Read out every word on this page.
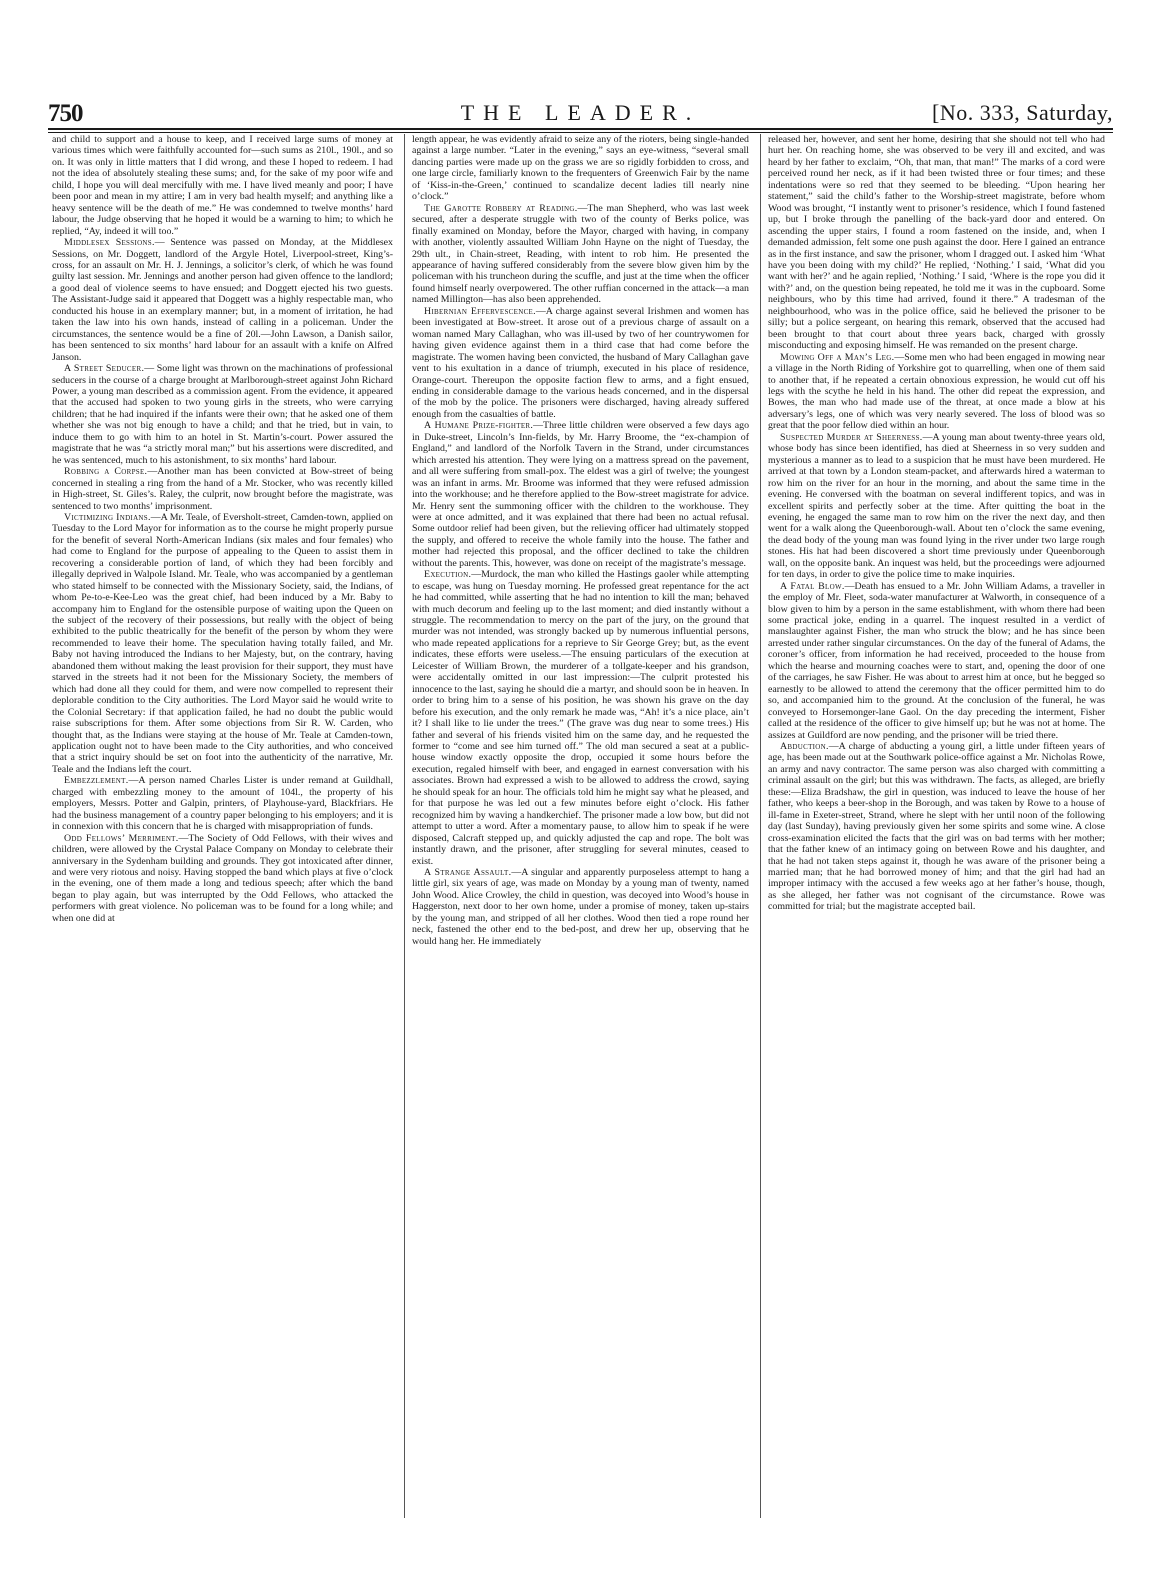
750	THE LEADER.	[No. 333, Saturday,

and child to support and a house to keep, and I received large sums of money at various times which were faithfully accounted for—such sums as 210l., 190l., and so on. It was only in little matters that I did wrong, and these I hoped to redeem. I had not the idea of absolutely stealing these sums; and, for the sake of my poor wife and child, I hope you will deal mercifully with me. I have lived meanly and poor; I have been poor and mean in my attire; I am in very bad health myself; and anything like a heavy sentence will be the death of me.” He was condemned to twelve months’ hard labour, the Judge observing that he hoped it would be a warning to him; to which he replied, “Ay, indeed it will too.”

Middlesex Sessions.— Sentence was passed on Monday, at the Middlesex Sessions, on Mr. Doggett, landlord of the Argyle Hotel, Liverpool-street, King’s-cross, for an assault on Mr. H. J. Jennings, a solicitor’s clerk, of which he was found guilty last session. Mr. Jennings and another person had given offence to the landlord; a good deal of violence seems to have ensued; and Doggett ejected his two guests. The Assistant-Judge said it appeared that Doggett was a highly respectable man, who conducted his house in an exemplary manner; but, in a moment of irritation, he had taken the law into his own hands, instead of calling in a policeman. Under the circumstances, the sentence would be a fine of 20l.—John Lawson, a Danish sailor, has been sentenced to six months’ hard labour for an assault with a knife on Alfred Janson.

A Street Seducer.— Some light was thrown on the machinations of professional seducers in the course of a charge brought at Marlborough-street against John Richard Power, a young man described as a commission agent. From the evidence, it appeared that the accused had spoken to two young girls in the streets, who were carrying children; that he had inquired if the infants were their own; that he asked one of them whether she was not big enough to have a child; and that he tried, but in vain, to induce them to go with him to an hotel in St. Martin’s-court. Power assured the magistrate that he was “a strictly moral man;” but his assertions were discredited, and he was sentenced, much to his astonishment, to six months’ hard labour.

Robbing a Corpse.—Another man has been convicted at Bow-street of being concerned in stealing a ring from the hand of a Mr. Stocker, who was recently killed in High-street, St. Giles’s. Raley, the culprit, now brought before the magistrate, was sentenced to two months’ imprisonment.

Victimizing Indians.—A Mr. Teale, of Eversholt-street, Camden-town, applied on Tuesday to the Lord Mayor for information as to the course he might properly pursue for the benefit of several North-American Indians (six males and four females) who had come to England for the purpose of appealing to the Queen to assist them in recovering a considerable portion of land, of which they had been forcibly and illegally deprived in Walpole Island. Mr. Teale, who was accompanied by a gentleman who stated himself to be connected with the Missionary Society, said, the Indians, of whom Pe-to-e-Kee-Leo was the great chief, had been induced by a Mr. Baby to accompany him to England for the ostensible purpose of waiting upon the Queen on the subject of the recovery of their possessions, but really with the object of being exhibited to the public theatrically for the benefit of the person by whom they were recommended to leave their home. The speculation having totally failed, and Mr. Baby not having introduced the Indians to her Majesty, but, on the contrary, having abandoned them without making the least provision for their support, they must have starved in the streets had it not been for the Missionary Society, the members of which had done all they could for them, and were now compelled to represent their deplorable condition to the City authorities. The Lord Mayor said he would write to the Colonial Secretary: if that application failed, he had no doubt the public would raise subscriptions for them. After some objections from Sir R. W. Carden, who thought that, as the Indians were staying at the house of Mr. Teale at Camden-town, application ought not to have been made to the City authorities, and who conceived that a strict inquiry should be set on foot into the authenticity of the narrative, Mr. Teale and the Indians left the court.

Embezzlement.—A person named Charles Lister is under remand at Guildhall, charged with embezzling money to the amount of 104l., the property of his employers, Messrs. Potter and Galpin, printers, of Playhouse-yard, Blackfriars. He had the business management of a country paper belonging to his employers; and it is in connexion with this concern that he is charged with misappropriation of funds.

Odd Fellows’ Merriment.—The Society of Odd Fellows, with their wives and children, were allowed by the Crystal Palace Company on Monday to celebrate their anniversary in the Sydenham building and grounds. They got intoxicated after dinner, and were very riotous and noisy. Having stopped the band which plays at five o’clock in the evening, one of them made a long and tedious speech; after which the band began to play again, but was interrupted by the Odd Fellows, who attacked the performers with great violence. No policeman was to be found for a long while; and when one did at

length appear, he was evidently afraid to seize any of the rioters, being single-handed against a large number. “Later in the evening,” says an eye-witness, “several small dancing parties were made up on the grass we are so rigidly forbidden to cross, and one large circle, familiarly known to the frequenters of Greenwich Fair by the name of ‘Kiss-in-the-Green,’ continued to scandalize decent ladies till nearly nine o’clock.”

The Garotte Robbery at Reading.—The man Shepherd, who was last week secured, after a desperate struggle with two of the county of Berks police, was finally examined on Monday, before the Mayor, charged with having, in company with another, violently assaulted William John Hayne on the night of Tuesday, the 29th ult., in Chain-street, Reading, with intent to rob him. He presented the appearance of having suffered considerably from the severe blow given him by the policeman with his truncheon during the scuffle, and just at the time when the officer found himself nearly overpowered. The other ruffian concerned in the attack—a man named Millington—has also been apprehended.

Hibernian Effervescence.—A charge against several Irishmen and women has been investigated at Bow-street. It arose out of a previous charge of assault on a woman named Mary Callaghan, who was ill-used by two of her countrywomen for having given evidence against them in a third case that had come before the magistrate. The women having been convicted, the husband of Mary Callaghan gave vent to his exultation in a dance of triumph, executed in his place of residence, Orange-court. Thereupon the opposite faction flew to arms, and a fight ensued, ending in considerable damage to the various heads concerned, and in the dispersal of the mob by the police. The prisoners were discharged, having already suffered enough from the casualties of battle.

A Humane Prize-fighter.—Three little children were observed a few days ago in Duke-street, Lincoln’s Inn-fields, by Mr. Harry Broome, the “ex-champion of England,” and landlord of the Norfolk Tavern in the Strand, under circumstances which arrested his attention. They were lying on a mattress spread on the pavement, and all were suffering from small-pox. The eldest was a girl of twelve; the youngest was an infant in arms. Mr. Broome was informed that they were refused admission into the workhouse; and he therefore applied to the Bow-street magistrate for advice. Mr. Henry sent the summoning officer with the children to the workhouse. They were at once admitted, and it was explained that there had been no actual refusal. Some outdoor relief had been given, but the relieving officer had ultimately stopped the supply, and offered to receive the whole family into the house. The father and mother had rejected this proposal, and the officer declined to take the children without the parents. This, however, was done on receipt of the magistrate’s message.

Execution.—Murdock, the man who killed the Hastings gaoler while attempting to escape, was hung on Tuesday morning. He professed great repentance for the act he had committed, while asserting that he had no intention to kill the man; behaved with much decorum and feeling up to the last moment; and died instantly without a struggle. The recommendation to mercy on the part of the jury, on the ground that murder was not intended, was strongly backed up by numerous influential persons, who made repeated applications for a reprieve to Sir George Grey; but, as the event indicates, these efforts were useless.—The ensuing particulars of the execution at Leicester of William Brown, the murderer of a tollgate-keeper and his grandson, were accidentally omitted in our last impression:—The culprit protested his innocence to the last, saying he should die a martyr, and should soon be in heaven. In order to bring him to a sense of his position, he was shown his grave on the day before his execution, and the only remark he made was, “Ah! it’s a nice place, ain’t it? I shall like to lie under the trees.” (The grave was dug near to some trees.) His father and several of his friends visited him on the same day, and he requested the former to “come and see him turned off.” The old man secured a seat at a public-house window exactly opposite the drop, occupied it some hours before the execution, regaled himself with beer, and engaged in earnest conversation with his associates. Brown had expressed a wish to be allowed to address the crowd, saying he should speak for an hour. The officials told him he might say what he pleased, and for that purpose he was led out a few minutes before eight o’clock. His father recognized him by waving a handkerchief. The prisoner made a low bow, but did not attempt to utter a word. After a momentary pause, to allow him to speak if he were disposed, Calcraft stepped up, and quickly adjusted the cap and rope. The bolt was instantly drawn, and the prisoner, after struggling for several minutes, ceased to exist.

A Strange Assault.—A singular and apparently purposeless attempt to hang a little girl, six years of age, was made on Monday by a young man of twenty, named John Wood. Alice Crowley, the child in question, was decoyed into Wood’s house in Haggerston, next door to her own home, under a promise of money, taken up-stairs by the young man, and stripped of all her clothes. Wood then tied a rope round her neck, fastened the other end to the bed-post, and drew her up, observing that he would hang her. He immediately

released her, however, and sent her home, desiring that she should not tell who had hurt her. On reaching home, she was observed to be very ill and excited, and was heard by her father to exclaim, “Oh, that man, that man!” The marks of a cord were perceived round her neck, as if it had been twisted three or four times; and these indentations were so red that they seemed to be bleeding. “Upon hearing her statement,” said the child’s father to the Worship-street magistrate, before whom Wood was brought, “I instantly went to prisoner’s residence, which I found fastened up, but I broke through the panelling of the back-yard door and entered. On ascending the upper stairs, I found a room fastened on the inside, and, when I demanded admission, felt some one push against the door. Here I gained an entrance as in the first instance, and saw the prisoner, whom I dragged out. I asked him ‘What have you been doing with my child?’ He replied, ‘Nothing.’ I said, ‘What did you want with her?’ and he again replied, ‘Nothing.’ I said, ‘Where is the rope you did it with?’ and, on the question being repeated, he told me it was in the cupboard. Some neighbours, who by this time had arrived, found it there.” A tradesman of the neighbourhood, who was in the police office, said he believed the prisoner to be silly; but a police sergeant, on hearing this remark, observed that the accused had been brought to that court about three years back, charged with grossly misconducting and exposing himself. He was remanded on the present charge.

Mowing Off a Man’s Leg.—Some men who had been engaged in mowing near a village in the North Riding of Yorkshire got to quarrelling, when one of them said to another that, if he repeated a certain obnoxious expression, he would cut off his legs with the scythe he held in his hand. The other did repeat the expression, and Bowes, the man who had made use of the threat, at once made a blow at his adversary’s legs, one of which was very nearly severed. The loss of blood was so great that the poor fellow died within an hour.

Suspected Murder at Sheerness.—A young man about twenty-three years old, whose body has since been identified, has died at Sheerness in so very sudden and mysterious a manner as to lead to a suspicion that he must have been murdered. He arrived at that town by a London steam-packet, and afterwards hired a waterman to row him on the river for an hour in the morning, and about the same time in the evening. He conversed with the boatman on several indifferent topics, and was in excellent spirits and perfectly sober at the time. After quitting the boat in the evening, he engaged the same man to row him on the river the next day, and then went for a walk along the Queenborough-wall. About ten o’clock the same evening, the dead body of the young man was found lying in the river under two large rough stones. His hat had been discovered a short time previously under Queenborough wall, on the opposite bank. An inquest was held, but the proceedings were adjourned for ten days, in order to give the police time to make inquiries.

A Fatal Blow.—Death has ensued to a Mr. John William Adams, a traveller in the employ of Mr. Fleet, soda-water manufacturer at Walworth, in consequence of a blow given to him by a person in the same establishment, with whom there had been some practical joke, ending in a quarrel. The inquest resulted in a verdict of manslaughter against Fisher, the man who struck the blow; and he has since been arrested under rather singular circumstances. On the day of the funeral of Adams, the coroner’s officer, from information he had received, proceeded to the house from which the hearse and mourning coaches were to start, and, opening the door of one of the carriages, he saw Fisher. He was about to arrest him at once, but he begged so earnestly to be allowed to attend the ceremony that the officer permitted him to do so, and accompanied him to the ground. At the conclusion of the funeral, he was conveyed to Horsemonger-lane Gaol. On the day preceding the interment, Fisher called at the residence of the officer to give himself up; but he was not at home. The assizes at Guildford are now pending, and the prisoner will be tried there.

Abduction.—A charge of abducting a young girl, a little under fifteen years of age, has been made out at the Southwark police-office against a Mr. Nicholas Rowe, an army and navy contractor. The same person was also charged with committing a criminal assault on the girl; but this was withdrawn. The facts, as alleged, are briefly these:—Eliza Bradshaw, the girl in question, was induced to leave the house of her father, who keeps a beer-shop in the Borough, and was taken by Rowe to a house of ill-fame in Exeter-street, Strand, where he slept with her until noon of the following day (last Sunday), having previously given her some spirits and some wine. A close cross-examination elicited the facts that the girl was on bad terms with her mother; that the father knew of an intimacy going on between Rowe and his daughter, and that he had not taken steps against it, though he was aware of the prisoner being a married man; that he had borrowed money of him; and that the girl had had an improper intimacy with the accused a few weeks ago at her father’s house, though, as she alleged, her father was not cognisant of the circumstance. Rowe was committed for trial; but the magistrate accepted bail.
